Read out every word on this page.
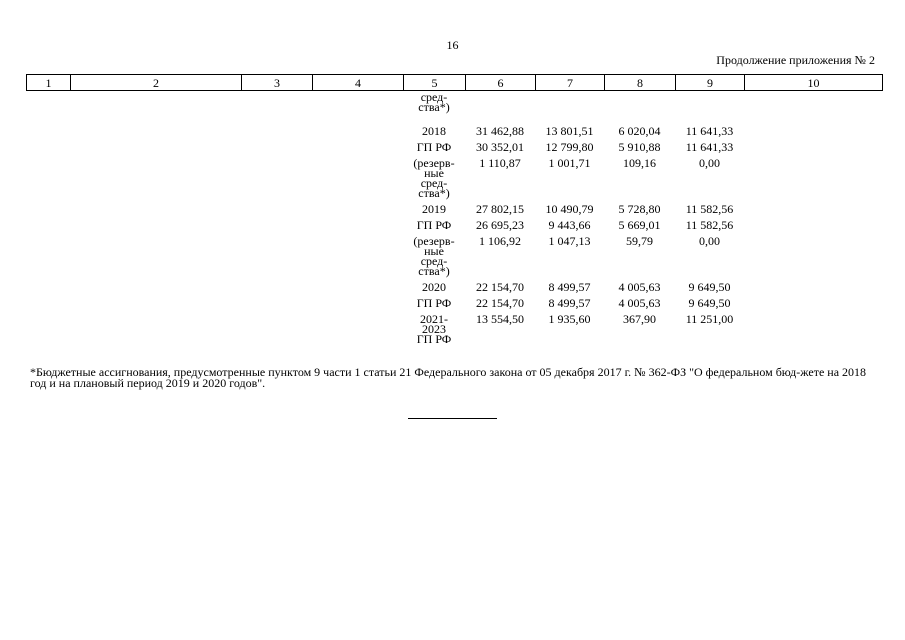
16
Продолжение приложения № 2
1	2	3	4	5	6	7	8	9	10
				сред-
ства*)					
				2018	31 462,88	13 801,51	6 020,04	11 641,33	
				ГП РФ	30 352,01	12 799,80	5 910,88	11 641,33	
				(резерв-
ные
сред-
ства*)	1 110,87	1 001,71	109,16	0,00	
				2019	27 802,15	10 490,79	5 728,80	11 582,56	
				ГП РФ	26 695,23	9 443,66	5 669,01	11 582,56	
				(резерв-
ные
сред-
ства*)	1 106,92	1 047,13	59,79	0,00	
				2020	22 154,70	8 499,57	4 005,63	9 649,50	
				ГП РФ	22 154,70	8 499,57	4 005,63	9 649,50	
				2021-
2023
ГП РФ	13 554,50	1 935,60	367,90	11 251,00	
*Бюджетные ассигнования, предусмотренные пунктом 9 части 1 статьи 21 Федерального закона от 05 декабря 2017 г. № 362-ФЗ "О федеральном бюд-жете на 2018 год и на плановый период 2019 и 2020 годов".
